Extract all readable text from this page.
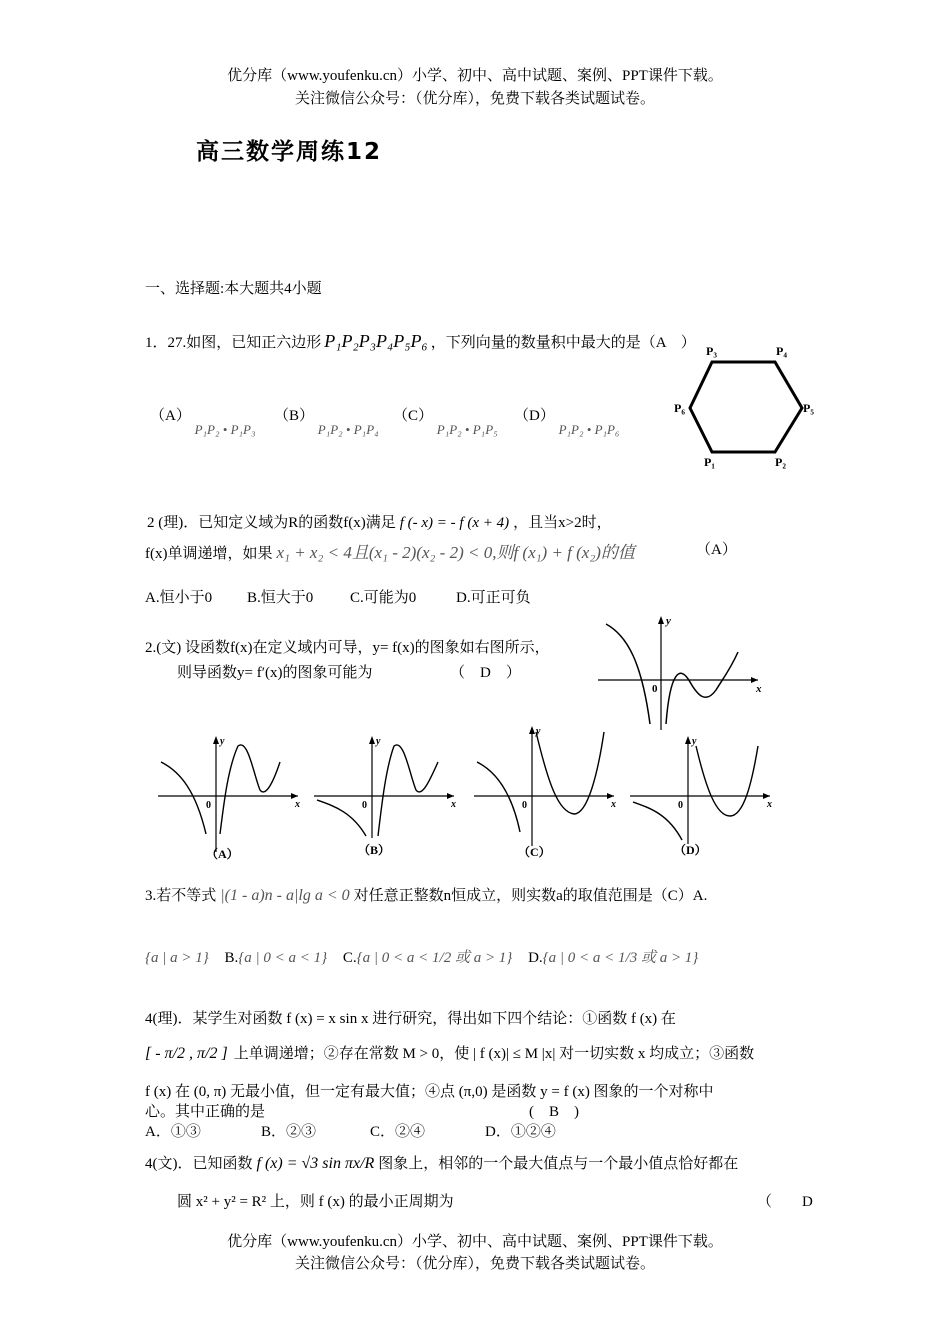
优分库（www.youfenku.cn）小学、初中、高中试题、案例、PPT课件下载。
关注微信公众号：（优分库），免费下载各类试题试卷。
高三数学周练12
一、选择题:本大题共4小题
1．27.如图，已知正六边形 P₁P₂P₃P₄P₅P₆ ，下列向量的数量积中最大的是（A　）
（A） P₁P₂ • P₁P₃
（B） P₁P₂ • P₁P₄
（C） P₁P₂ • P₁P₅
（D） P₁P₂ • P₁P₆
P₃	P₄
P₅
P₂
P₁
P₆
2 (理)．已知定义域为R的函数f(x)满足 f (- x) = - f (x + 4) ，且当x>2时，
f(x)单调递增，如果 x₁ + x₂ < 4且(x₁ - 2)(x₂ - 2) < 0,则f (x₁) + f (x₂)的值	（A）
A.恒小于0 B.恒大于0 C.可能为0	D.可正可负
2.(文) 设函数f(x)在定义域内可导，y= f(x)的图象如右图所示，
则导函数y= f′(x)的图象可能为	（　D　）
y
x
0
y
x
0
（A）
y
x
0
（B）
y
x
0
（C）
y
x
0
（D）
3.若不等式 |(1 - a)n - a|lg a < 0 对任意正整数n恒成立，则实数a的取值范围是（C）A.
{a | a > 1} B.{a | 0 < a < 1} C.{a | 0 < a < 1/2 或 a > 1} D.{a | 0 < a < 1/3 或 a > 1}
4(理)．某学生对函数 f (x) = x sin x 进行研究，得出如下四个结论：①函数 f (x) 在
[ - π/2 , π/2 ] 上单调递增；②存在常数 M > 0，使 | f (x)| ≤ M |x| 对一切实数 x 均成立；③函数
f (x) 在 (0, π) 无最小值，但一定有最大值；④点 (π,0) 是函数 y = f (x) 图象的一个对称中
心。其中正确的是	(　B　)
A．①③	B．②③	C．②④	D．①②④
4(文)．已知函数 f (x) = √3 sin πx/R 图象上，相邻的一个最大值点与一个最小值点恰好都在
圆 x² + y² = R² 上，则 f (x) 的最小正周期为	（　　D
优分库（www.youfenku.cn）小学、初中、高中试题、案例、PPT课件下载。
关注微信公众号：（优分库），免费下载各类试题试卷。
